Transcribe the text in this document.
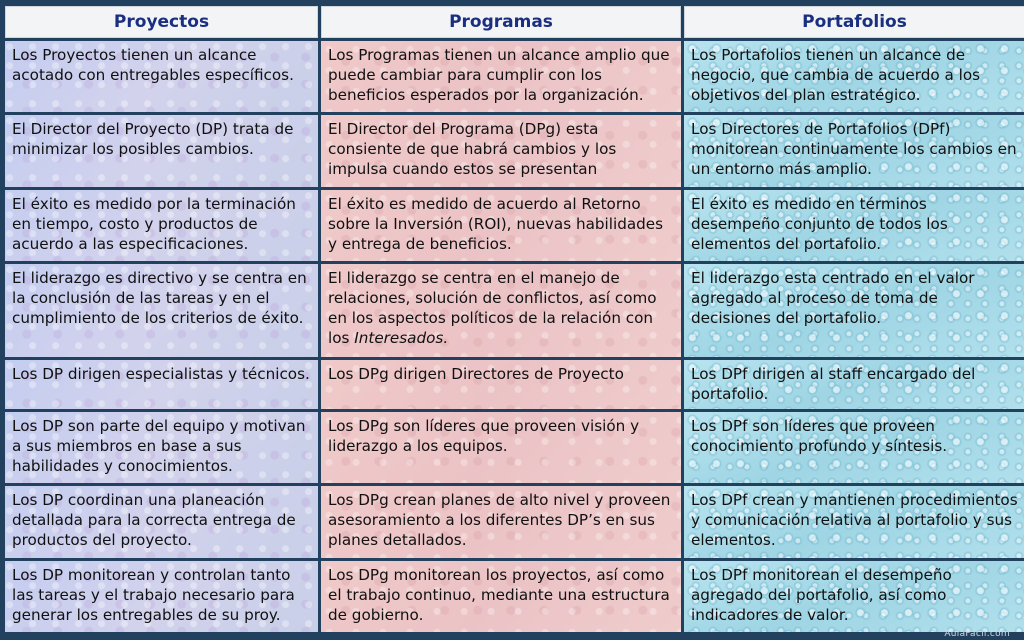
Proyectos	Programas	Portafolios
Los Proyectos tienen un alcance acotado con entregables específicos.	Los Programas tienen un alcance amplio que puede cambiar para cumplir con los beneficios esperados por la organización.	Los Portafolios tienen un alcance de negocio, que cambia de acuerdo a los objetivos del plan estratégico.
El Director del Proyecto (DP) trata de minimizar los posibles cambios.	El Director del Programa (DPg) esta consiente de que habrá cambios y los impulsa cuando estos se presentan	Los Directores de Portafolios (DPf) monitorean continuamente los cambios en un entorno más amplio.
El éxito es medido por la terminación en tiempo, costo y productos de acuerdo a las especificaciones.	El éxito es medido de acuerdo al Retorno sobre la Inversión (ROI), nuevas habilidades y entrega de beneficios.	El éxito es medido en términos desempeño conjunto de todos los elementos del portafolio.
El liderazgo es directivo y se centra en la conclusión de las tareas y en el cumplimiento de los criterios de éxito.	El liderazgo se centra en el manejo de relaciones, solución de conflictos, así como en los aspectos políticos de la relación con los Interesados.	El liderazgo esta centrado en el valor agregado al proceso de toma de decisiones del portafolio.
Los DP dirigen especialistas y técnicos.	Los DPg dirigen Directores de Proyecto	Los DPf dirigen al staff encargado del portafolio.
Los DP son parte del equipo y motivan a sus miembros en base a sus habilidades y conocimientos.	Los DPg son líderes que proveen visión y liderazgo a los equipos.	Los DPf son líderes que proveen conocimiento profundo y síntesis.
Los DP coordinan una planeación detallada para la correcta entrega de productos del proyecto.	Los DPg crean planes de alto nivel y proveen asesoramiento a los diferentes DP’s en sus planes detallados.	Los DPf crean y mantienen procedimientos y comunicación relativa al portafolio y sus elementos.
Los DP monitorean y controlan tanto las tareas y el trabajo necesario para generar los entregables de su proy.	Los DPg monitorean los proyectos, así como el trabajo continuo, mediante una estructura de gobierno.	Los DPf monitorean el desempeño agregado del portafolio, así como indicadores de valor.
AulaFacil.com
